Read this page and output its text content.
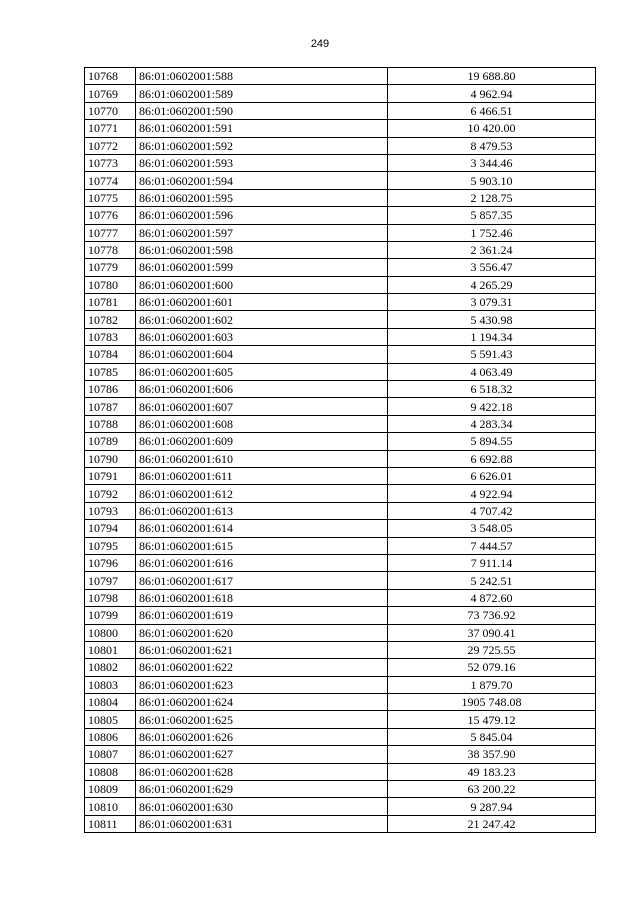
249
10768	86:01:0602001:588	19 688.80
10769	86:01:0602001:589	4 962.94
10770	86:01:0602001:590	6 466.51
10771	86:01:0602001:591	10 420.00
10772	86:01:0602001:592	8 479.53
10773	86:01:0602001:593	3 344.46
10774	86:01:0602001:594	5 903.10
10775	86:01:0602001:595	2 128.75
10776	86:01:0602001:596	5 857.35
10777	86:01:0602001:597	1 752.46
10778	86:01:0602001:598	2 361.24
10779	86:01:0602001:599	3 556.47
10780	86:01:0602001:600	4 265.29
10781	86:01:0602001:601	3 079.31
10782	86:01:0602001:602	5 430.98
10783	86:01:0602001:603	1 194.34
10784	86:01:0602001:604	5 591.43
10785	86:01:0602001:605	4 063.49
10786	86:01:0602001:606	6 518.32
10787	86:01:0602001:607	9 422.18
10788	86:01:0602001:608	4 283.34
10789	86:01:0602001:609	5 894.55
10790	86:01:0602001:610	6 692.88
10791	86:01:0602001:611	6 626.01
10792	86:01:0602001:612	4 922.94
10793	86:01:0602001:613	4 707.42
10794	86:01:0602001:614	3 548.05
10795	86:01:0602001:615	7 444.57
10796	86:01:0602001:616	7 911.14
10797	86:01:0602001:617	5 242.51
10798	86:01:0602001:618	4 872.60
10799	86:01:0602001:619	73 736.92
10800	86:01:0602001:620	37 090.41
10801	86:01:0602001:621	29 725.55
10802	86:01:0602001:622	52 079.16
10803	86:01:0602001:623	1 879.70
10804	86:01:0602001:624	1905 748.08
10805	86:01:0602001:625	15 479.12
10806	86:01:0602001:626	5 845.04
10807	86:01:0602001:627	38 357.90
10808	86:01:0602001:628	49 183.23
10809	86:01:0602001:629	63 200.22
10810	86:01:0602001:630	9 287.94
10811	86:01:0602001:631	21 247.42
